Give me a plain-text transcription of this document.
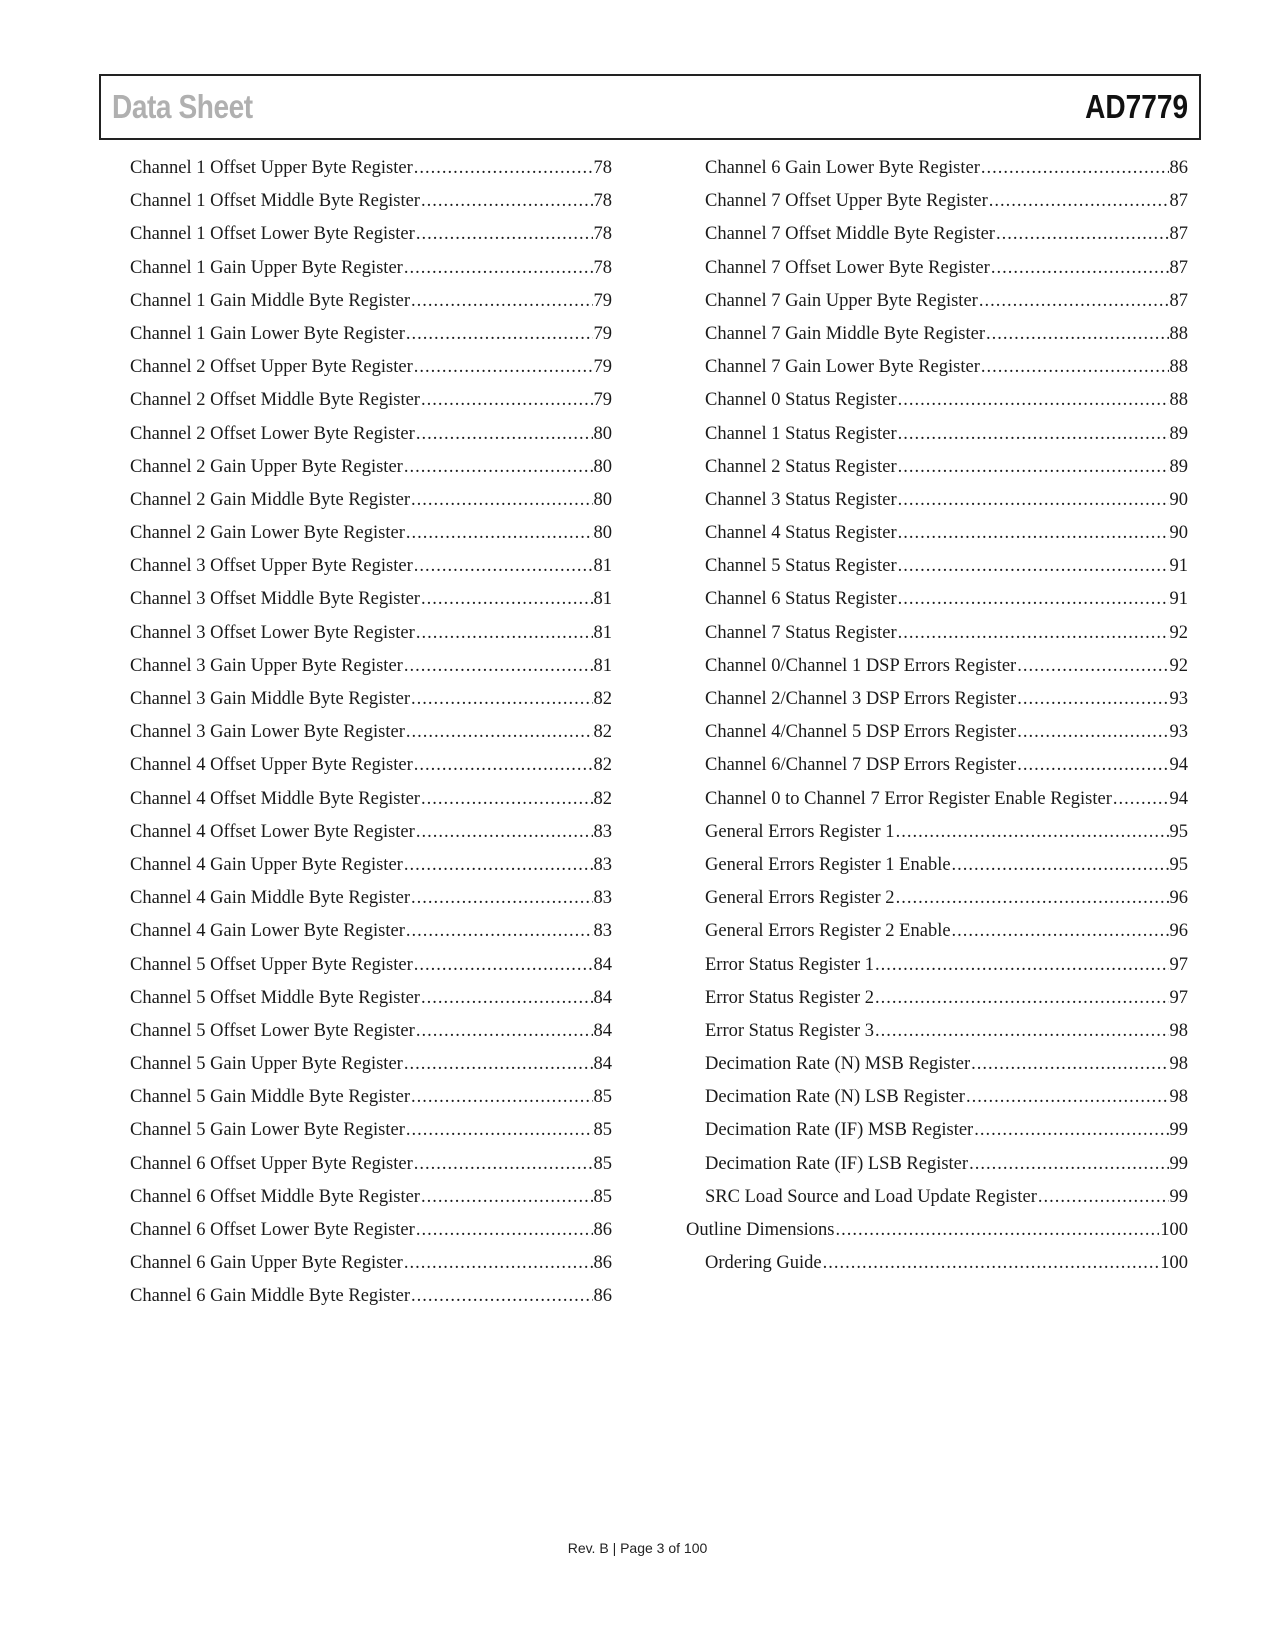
Data Sheet	AD7779
Channel 1 Offset Upper Byte Register .....	78
Channel 1 Offset Middle Byte Register .....	78
Channel 1 Offset Lower Byte Register .....	78
Channel 1 Gain Upper Byte Register .....	78
Channel 1 Gain Middle Byte Register .....	79
Channel 1 Gain Lower Byte Register .....	79
Channel 2 Offset Upper Byte Register .....	79
Channel 2 Offset Middle Byte Register .....	79
Channel 2 Offset Lower Byte Register .....	80
Channel 2 Gain Upper Byte Register .....	80
Channel 2 Gain Middle Byte Register .....	80
Channel 2 Gain Lower Byte Register .....	80
Channel 3 Offset Upper Byte Register .....	81
Channel 3 Offset Middle Byte Register .....	81
Channel 3 Offset Lower Byte Register .....	81
Channel 3 Gain Upper Byte Register .....	81
Channel 3 Gain Middle Byte Register .....	82
Channel 3 Gain Lower Byte Register .....	82
Channel 4 Offset Upper Byte Register .....	82
Channel 4 Offset Middle Byte Register .....	82
Channel 4 Offset Lower Byte Register .....	83
Channel 4 Gain Upper Byte Register .....	83
Channel 4 Gain Middle Byte Register .....	83
Channel 4 Gain Lower Byte Register .....	83
Channel 5 Offset Upper Byte Register .....	84
Channel 5 Offset Middle Byte Register .....	84
Channel 5 Offset Lower Byte Register .....	84
Channel 5 Gain Upper Byte Register .....	84
Channel 5 Gain Middle Byte Register .....	85
Channel 5 Gain Lower Byte Register .....	85
Channel 6 Offset Upper Byte Register .....	85
Channel 6 Offset Middle Byte Register .....	85
Channel 6 Offset Lower Byte Register .....	86
Channel 6 Gain Upper Byte Register .....	86
Channel 6 Gain Middle Byte Register .....	86
Channel 6 Gain Lower Byte Register .....	86
Channel 7 Offset Upper Byte Register .....	87
Channel 7 Offset Middle Byte Register .....	87
Channel 7 Offset Lower Byte Register .....	87
Channel 7 Gain Upper Byte Register .....	87
Channel 7 Gain Middle Byte Register .....	88
Channel 7 Gain Lower Byte Register .....	88
Channel 0 Status Register .....	88
Channel 1 Status Register .....	89
Channel 2 Status Register .....	89
Channel 3 Status Register .....	90
Channel 4 Status Register .....	90
Channel 5 Status Register .....	91
Channel 6 Status Register .....	91
Channel 7 Status Register .....	92
Channel 0/Channel 1 DSP Errors Register .....	92
Channel 2/Channel 3 DSP Errors Register .....	93
Channel 4/Channel 5 DSP Errors Register .....	93
Channel 6/Channel 7 DSP Errors Register .....	94
Channel 0 to Channel 7 Error Register Enable Register .....	94
General Errors Register 1 .....	95
General Errors Register 1 Enable .....	95
General Errors Register 2 .....	96
General Errors Register 2 Enable .....	96
Error Status Register 1 .....	97
Error Status Register 2 .....	97
Error Status Register 3 .....	98
Decimation Rate (N) MSB Register .....	98
Decimation Rate (N) LSB Register .....	98
Decimation Rate (IF) MSB Register .....	99
Decimation Rate (IF) LSB Register .....	99
SRC Load Source and Load Update Register .....	99
Outline Dimensions .....	100
Ordering Guide .....	100
Rev. B | Page 3 of 100
